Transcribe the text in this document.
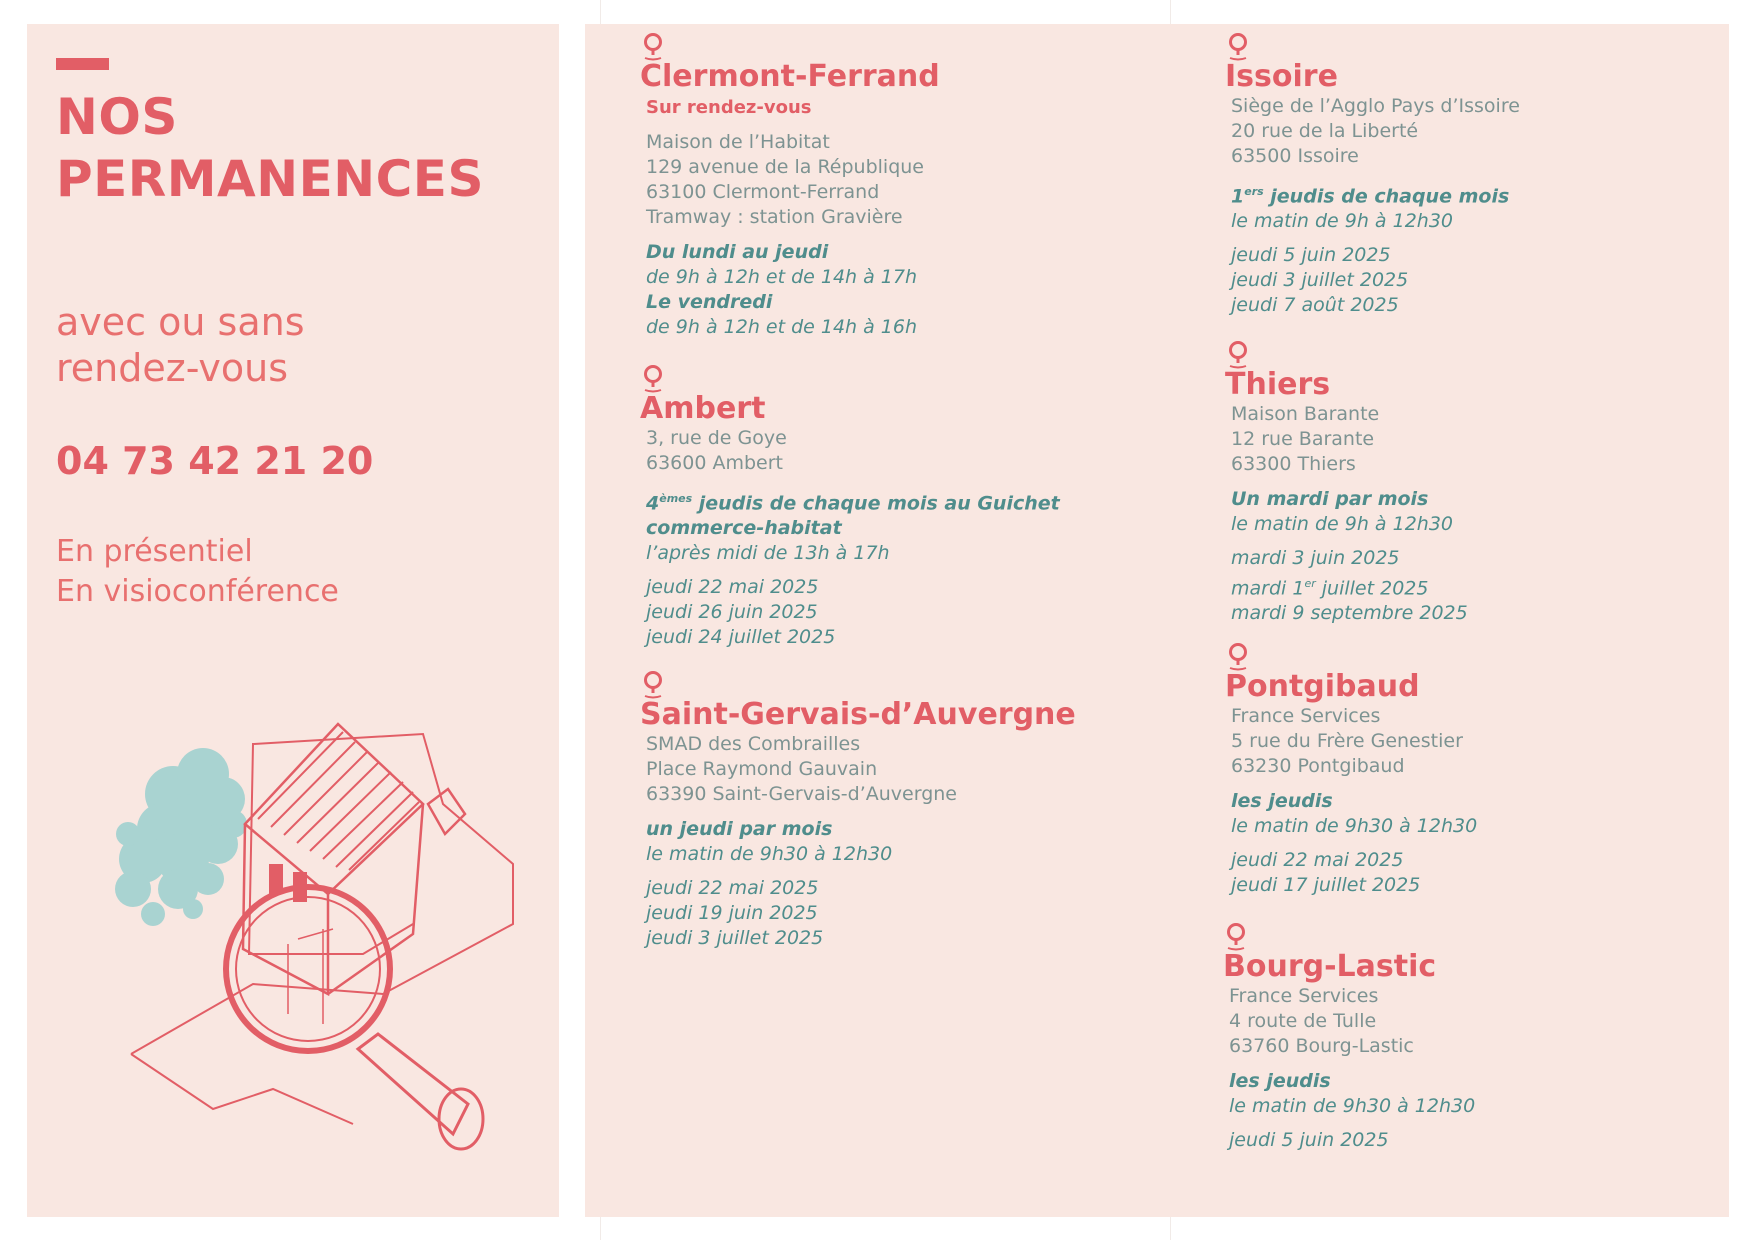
NOS
PERMANENCES
avec ou sans
rendez-vous
04 73 42 21 20
En présentiel
En visioconférence
Clermont-Ferrand
Sur rendez-vous
Maison de l’Habitat
129 avenue de la République
63100 Clermont-Ferrand
Tramway : station Gravière
Du lundi au jeudi
de 9h à 12h et de 14h à 17h
Le vendredi
de 9h à 12h et de 14h à 16h
Ambert
3, rue de Goye
63600 Ambert
4èmes jeudis de chaque mois au Guichet
commerce-habitat
l’après midi de 13h à 17h
jeudi 22 mai 2025
jeudi 26 juin 2025
jeudi 24 juillet 2025
Saint-Gervais-d’Auvergne
SMAD des Combrailles
Place Raymond Gauvain
63390 Saint-Gervais-d’Auvergne
un jeudi par mois
le matin de 9h30 à 12h30
jeudi 22 mai 2025
jeudi 19 juin 2025
jeudi 3 juillet 2025
Issoire
Siège de l’Agglo Pays d’Issoire
20 rue de la Liberté
63500 Issoire
1ers jeudis de chaque mois
le matin de 9h à 12h30
jeudi 5 juin 2025
jeudi 3 juillet 2025
jeudi 7 août 2025
Thiers
Maison Barante
12 rue Barante
63300 Thiers
Un mardi par mois
le matin de 9h à 12h30
mardi 3 juin 2025
mardi 1er juillet 2025
mardi 9 septembre 2025
Pontgibaud
France Services
5 rue du Frère Genestier
63230 Pontgibaud
les jeudis
le matin de 9h30 à 12h30
jeudi 22 mai 2025
jeudi 17 juillet 2025
Bourg-Lastic
France Services
4 route de Tulle
63760 Bourg-Lastic
les jeudis
le matin de 9h30 à 12h30
jeudi 5 juin 2025
